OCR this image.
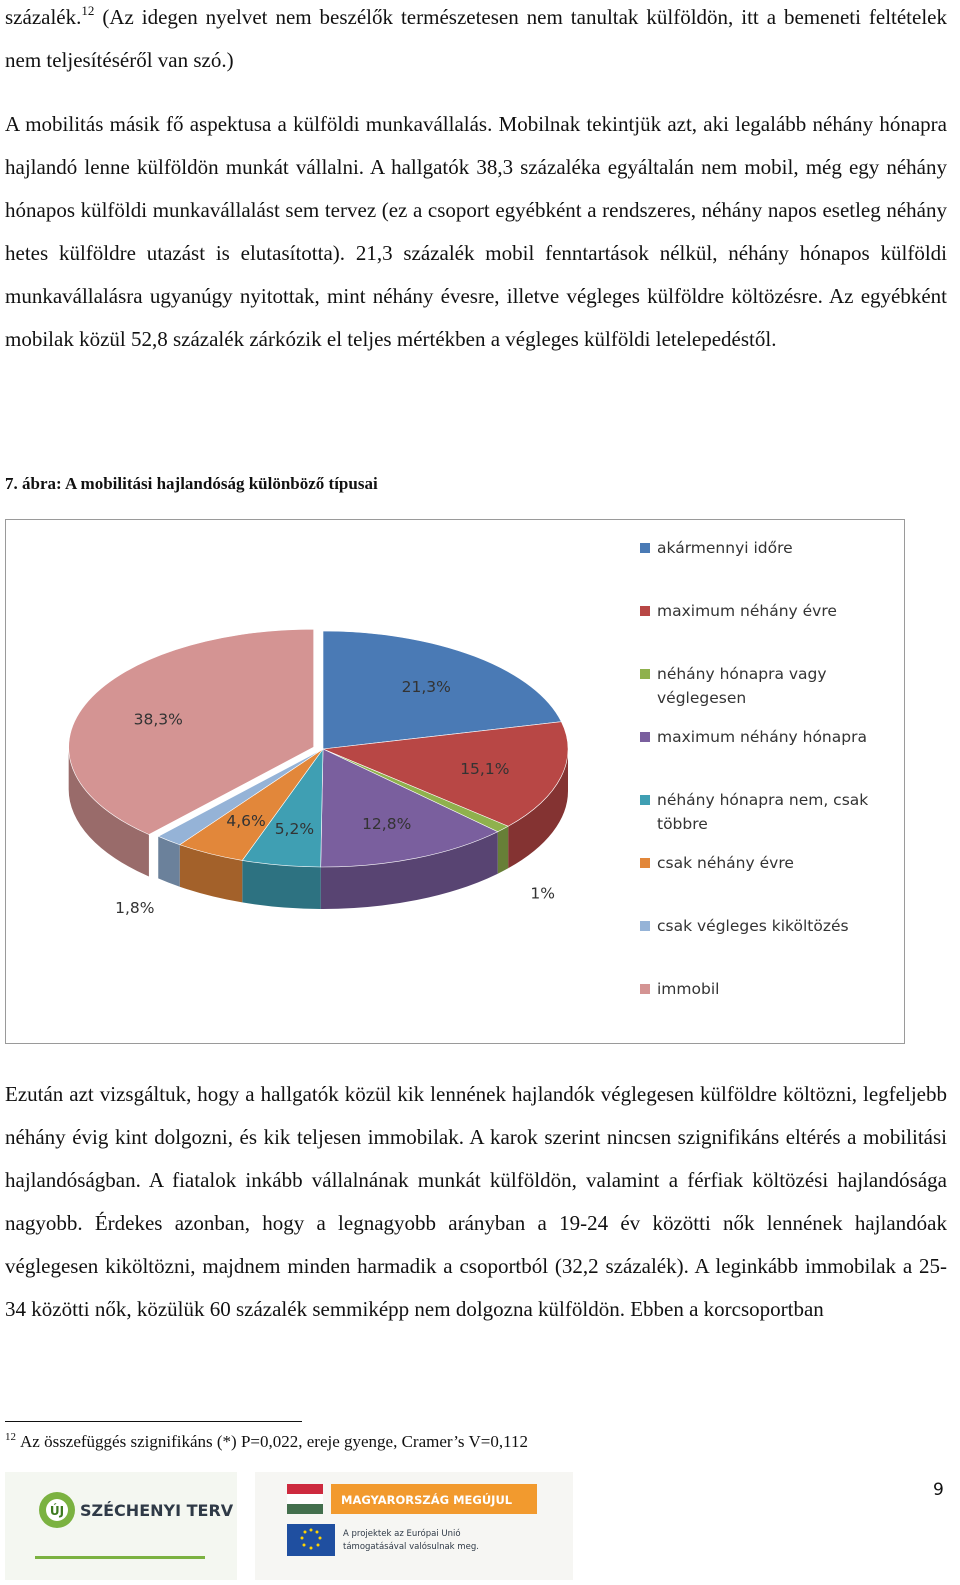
százalék.$^{12}$ (Az idegen nyelvet nem beszélők természetesen nem tanultak külföldön, itt a bemeneti feltételek nem teljesítéséről van szó.)

A mobilitás másik fő aspektusa a külföldi munkavállalás. Mobilnak tekintjük azt, aki legalább néhány hónapra hajlandó lenne külföldön munkát vállalni. A hallgatók 38,3 százaléka egyáltalán nem mobil, még egy néhány hónapos külföldi munkavállalást sem tervez (ez a csoport egyébként a rendszeres, néhány napos esetleg néhány hetes külföldre utazást is elutasította). 21,3 százalék mobil fenntartások nélkül, néhány hónapos külföldi munkavállalásra ugyanúgy nyitottak, mint néhány évesre, illetve végleges külföldre költözésre. Az egyébként mobilak közül 52,8 százalék zárkózik el teljes mértékben a végleges külföldi letelepedéstől.

7. ábra: A mobilitási hajlandóság különböző típusai
21,3%
15,1%
1%
12,8%
5,2%
4,6%
1,8%
38,3%
akármennyi időre
maximum néhány évre
néhány hónapra vagy véglegesen
maximum néhány hónapra
néhány hónapra nem, csak többre
csak néhány évre
csak végleges kiköltözés
immobil

Ezután azt vizsgáltuk, hogy a hallgatók közül kik lennének hajlandók véglegesen külföldre költözni, legfeljebb néhány évig kint dolgozni, és kik teljesen immobilak. A karok szerint nincsen szignifikáns eltérés a mobilitási hajlandóságban. A fiatalok inkább vállalnának munkát külföldön, valamint a férfiak költözési hajlandósága nagyobb. Érdekes azonban, hogy a legnagyobb arányban a 19-24 év közötti nők lennének hajlandóak véglegesen kiköltözni, majdnem minden harmadik a csoportból (32,2 százalék). A leginkább immobilak a 25-34 közötti nők, közülük 60 százalék semmiképp nem dolgozna külföldön. Ebben a korcsoportban

$^{12}$ Az összefüggés szignifikáns (*) P=0,022, ereje gyenge, Cramer’s V=0,112
9
ÚJ SZÉCHENYI TERV
MAGYARORSZÁG MEGÚJUL
A projektek az Európai Unió
támogatásával valósulnak meg.
